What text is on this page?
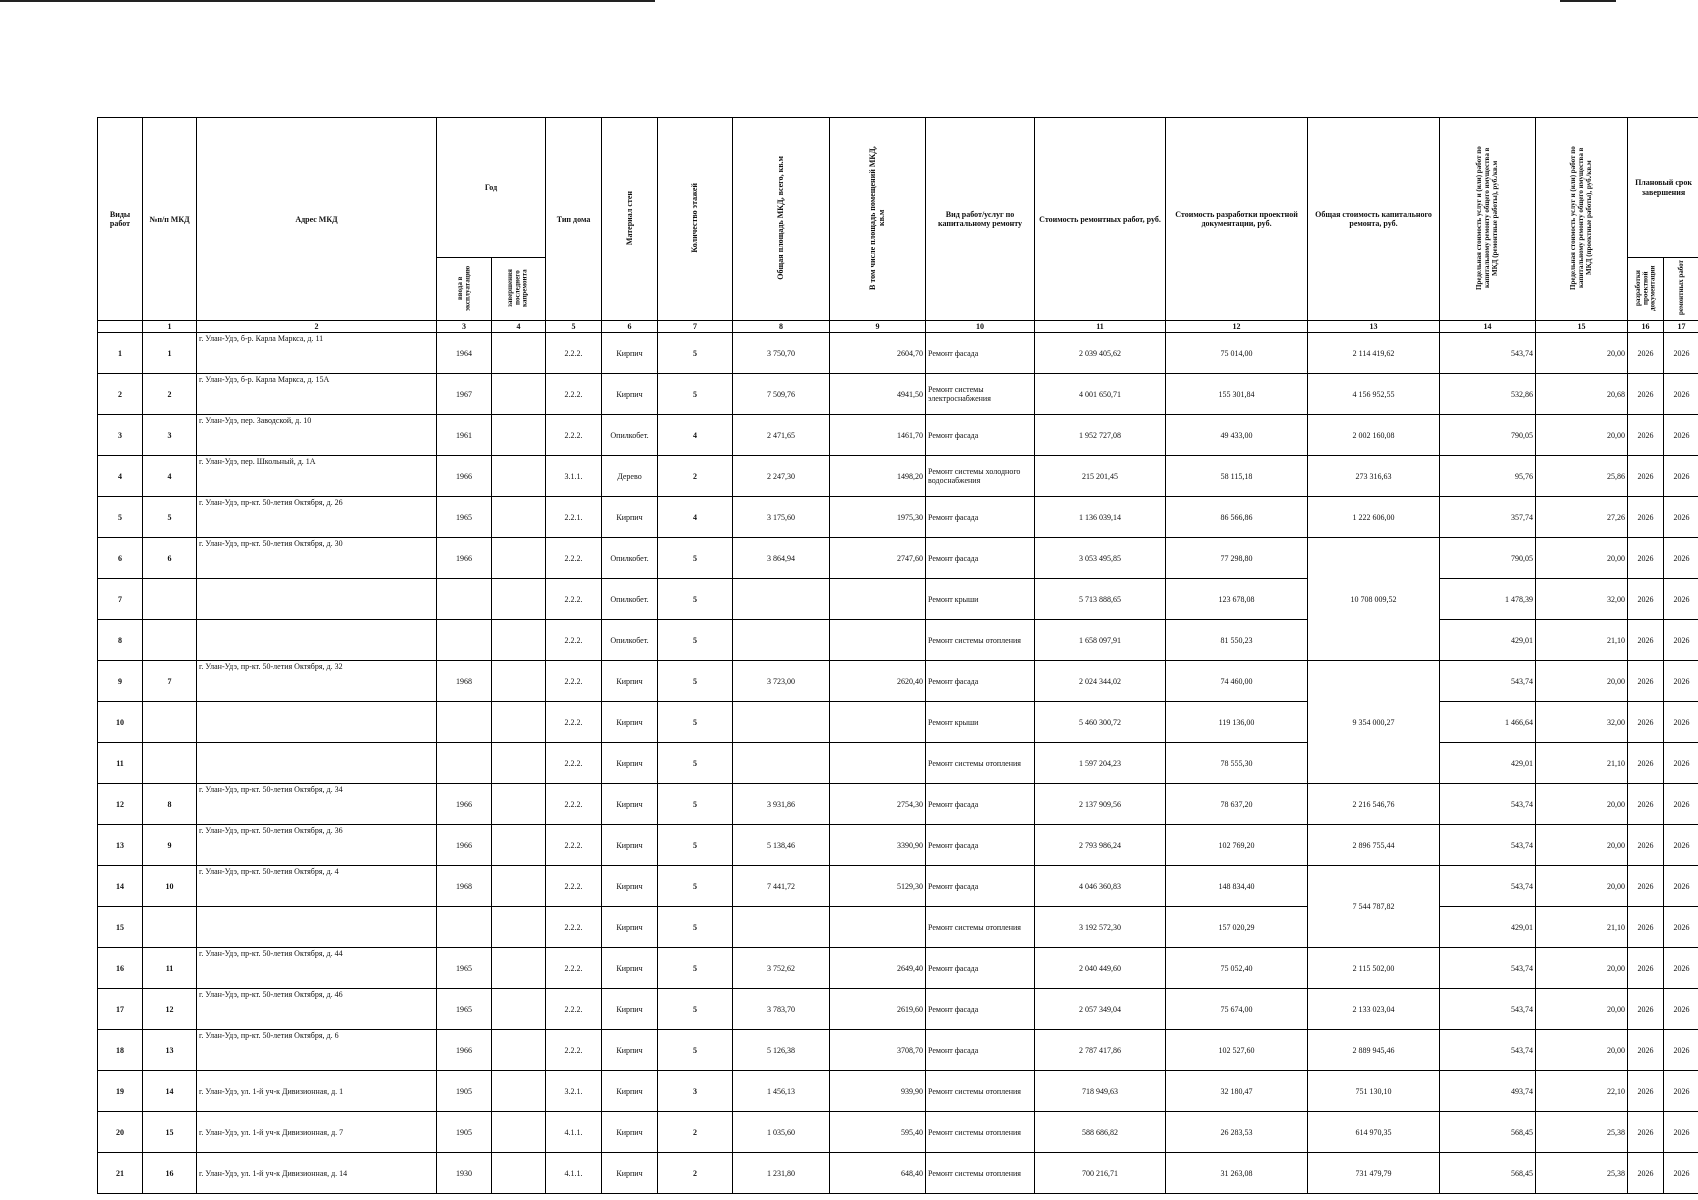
Виды работ	№п/п МКД	Адрес МКД	Год		Тип дома	Материал стен	Количество этажей	Общая площадь МКД, всего, кв.м	В том числе площадь помещений МКД, кв.м	Вид работ/услуг по капитальному ремонту	Стоимость ремонтных работ, руб.	Стоимость разработки проектной документации, руб.	Общая стоимость капитального ремонта, руб.	Предельная стоимость услуг и (или) работ по капитальному ремонту общего имущества в МКД (ремонтные работы), руб./кв.м	Предельная стоимость услуг и (или) работ по капитальному ремонту общего имущества в МКД (проектные работы), руб./кв.м	Плановый срок завершения	
			ввода в эксплуатацию	завершения последнего капремонта												разработки проектной документации	ремонтных работ
	1	2	3	4	5	6	7	8	9	10	11	12	13	14	15	16	17
1	1	г. Улан-Удэ, б-р. Карла Маркса, д. 11	1964		2.2.2.	Кирпич	5	3 750,70	2604,70	Ремонт фасада	2 039 405,62	75 014,00	2 114 419,62	543,74	20,00	2026	2026
2	2	г. Улан-Удэ, б-р. Карла Маркса, д. 15А	1967		2.2.2.	Кирпич	5	7 509,76	4941,50	Ремонт системы электроснабжения	4 001 650,71	155 301,84	4 156 952,55	532,86	20,68	2026	2026
3	3	г. Улан-Удэ, пер. Заводской, д. 10	1961		2.2.2.	Опилкобет.	4	2 471,65	1461,70	Ремонт фасада	1 952 727,08	49 433,00	2 002 160,08	790,05	20,00	2026	2026
4	4	г. Улан-Удэ, пер. Школьный, д. 1А	1966		3.1.1.	Дерево	2	2 247,30	1498,20	Ремонт системы холодного водоснабжения	215 201,45	58 115,18	273 316,63	95,76	25,86	2026	2026
5	5	г. Улан-Удэ, пр-кт. 50-летия Октября, д. 26	1965		2.2.1.	Кирпич	4	3 175,60	1975,30	Ремонт фасада	1 136 039,14	86 566,86	1 222 606,00	357,74	27,26	2026	2026
6	6	г. Улан-Удэ, пр-кт. 50-летия Октября, д. 30	1966		2.2.2.	Опилкобет.	5	3 864,94	2747,60	Ремонт фасада	3 053 495,85	77 298,80	10 708 009,52	790,05	20,00	2026	2026
7					2.2.2.	Опилкобет.	5			Ремонт крыши	5 713 888,65	123 678,08		1 478,39	32,00	2026	2026
8					2.2.2.	Опилкобет.	5			Ремонт системы отопления	1 658 097,91	81 550,23		429,01	21,10	2026	2026
9	7	г. Улан-Удэ, пр-кт. 50-летия Октября, д. 32	1968		2.2.2.	Кирпич	5	3 723,00	2620,40	Ремонт фасада	2 024 344,02	74 460,00	9 354 000,27	543,74	20,00	2026	2026
10					2.2.2.	Кирпич	5			Ремонт крыши	5 460 300,72	119 136,00		1 466,64	32,00	2026	2026
11					2.2.2.	Кирпич	5			Ремонт системы отопления	1 597 204,23	78 555,30		429,01	21,10	2026	2026
12	8	г. Улан-Удэ, пр-кт. 50-летия Октября, д. 34	1966		2.2.2.	Кирпич	5	3 931,86	2754,30	Ремонт фасада	2 137 909,56	78 637,20	2 216 546,76	543,74	20,00	2026	2026
13	9	г. Улан-Удэ, пр-кт. 50-летия Октября, д. 36	1966		2.2.2.	Кирпич	5	5 138,46	3390,90	Ремонт фасада	2 793 986,24	102 769,20	2 896 755,44	543,74	20,00	2026	2026
14	10	г. Улан-Удэ, пр-кт. 50-летия Октября, д. 4	1968		2.2.2.	Кирпич	5	7 441,72	5129,30	Ремонт фасада	4 046 360,83	148 834,40	7 544 787,82	543,74	20,00	2026	2026
15					2.2.2.	Кирпич	5			Ремонт системы отопления	3 192 572,30	157 020,29		429,01	21,10	2026	2026
16	11	г. Улан-Удэ, пр-кт. 50-летия Октября, д. 44	1965		2.2.2.	Кирпич	5	3 752,62	2649,40	Ремонт фасада	2 040 449,60	75 052,40	2 115 502,00	543,74	20,00	2026	2026
17	12	г. Улан-Удэ, пр-кт. 50-летия Октября, д. 46	1965		2.2.2.	Кирпич	5	3 783,70	2619,60	Ремонт фасада	2 057 349,04	75 674,00	2 133 023,04	543,74	20,00	2026	2026
18	13	г. Улан-Удэ, пр-кт. 50-летия Октября, д. 6	1966		2.2.2.	Кирпич	5	5 126,38	3708,70	Ремонт фасада	2 787 417,86	102 527,60	2 889 945,46	543,74	20,00	2026	2026
19	14	г. Улан-Удэ, ул. 1-й уч-к Дивизионная, д. 1	1905		3.2.1.	Кирпич	3	1 456,13	939,90	Ремонт системы отопления	718 949,63	32 180,47	751 130,10	493,74	22,10	2026	2026
20	15	г. Улан-Удэ, ул. 1-й уч-к Дивизионная, д. 7	1905		4.1.1.	Кирпич	2	1 035,60	595,40	Ремонт системы отопления	588 686,82	26 283,53	614 970,35	568,45	25,38	2026	2026
21	16	г. Улан-Удэ, ул. 1-й уч-к Дивизионная, д. 14	1930		4.1.1.	Кирпич	2	1 231,80	648,40	Ремонт системы отопления	700 216,71	31 263,08	731 479,79	568,45	25,38	2026	2026
